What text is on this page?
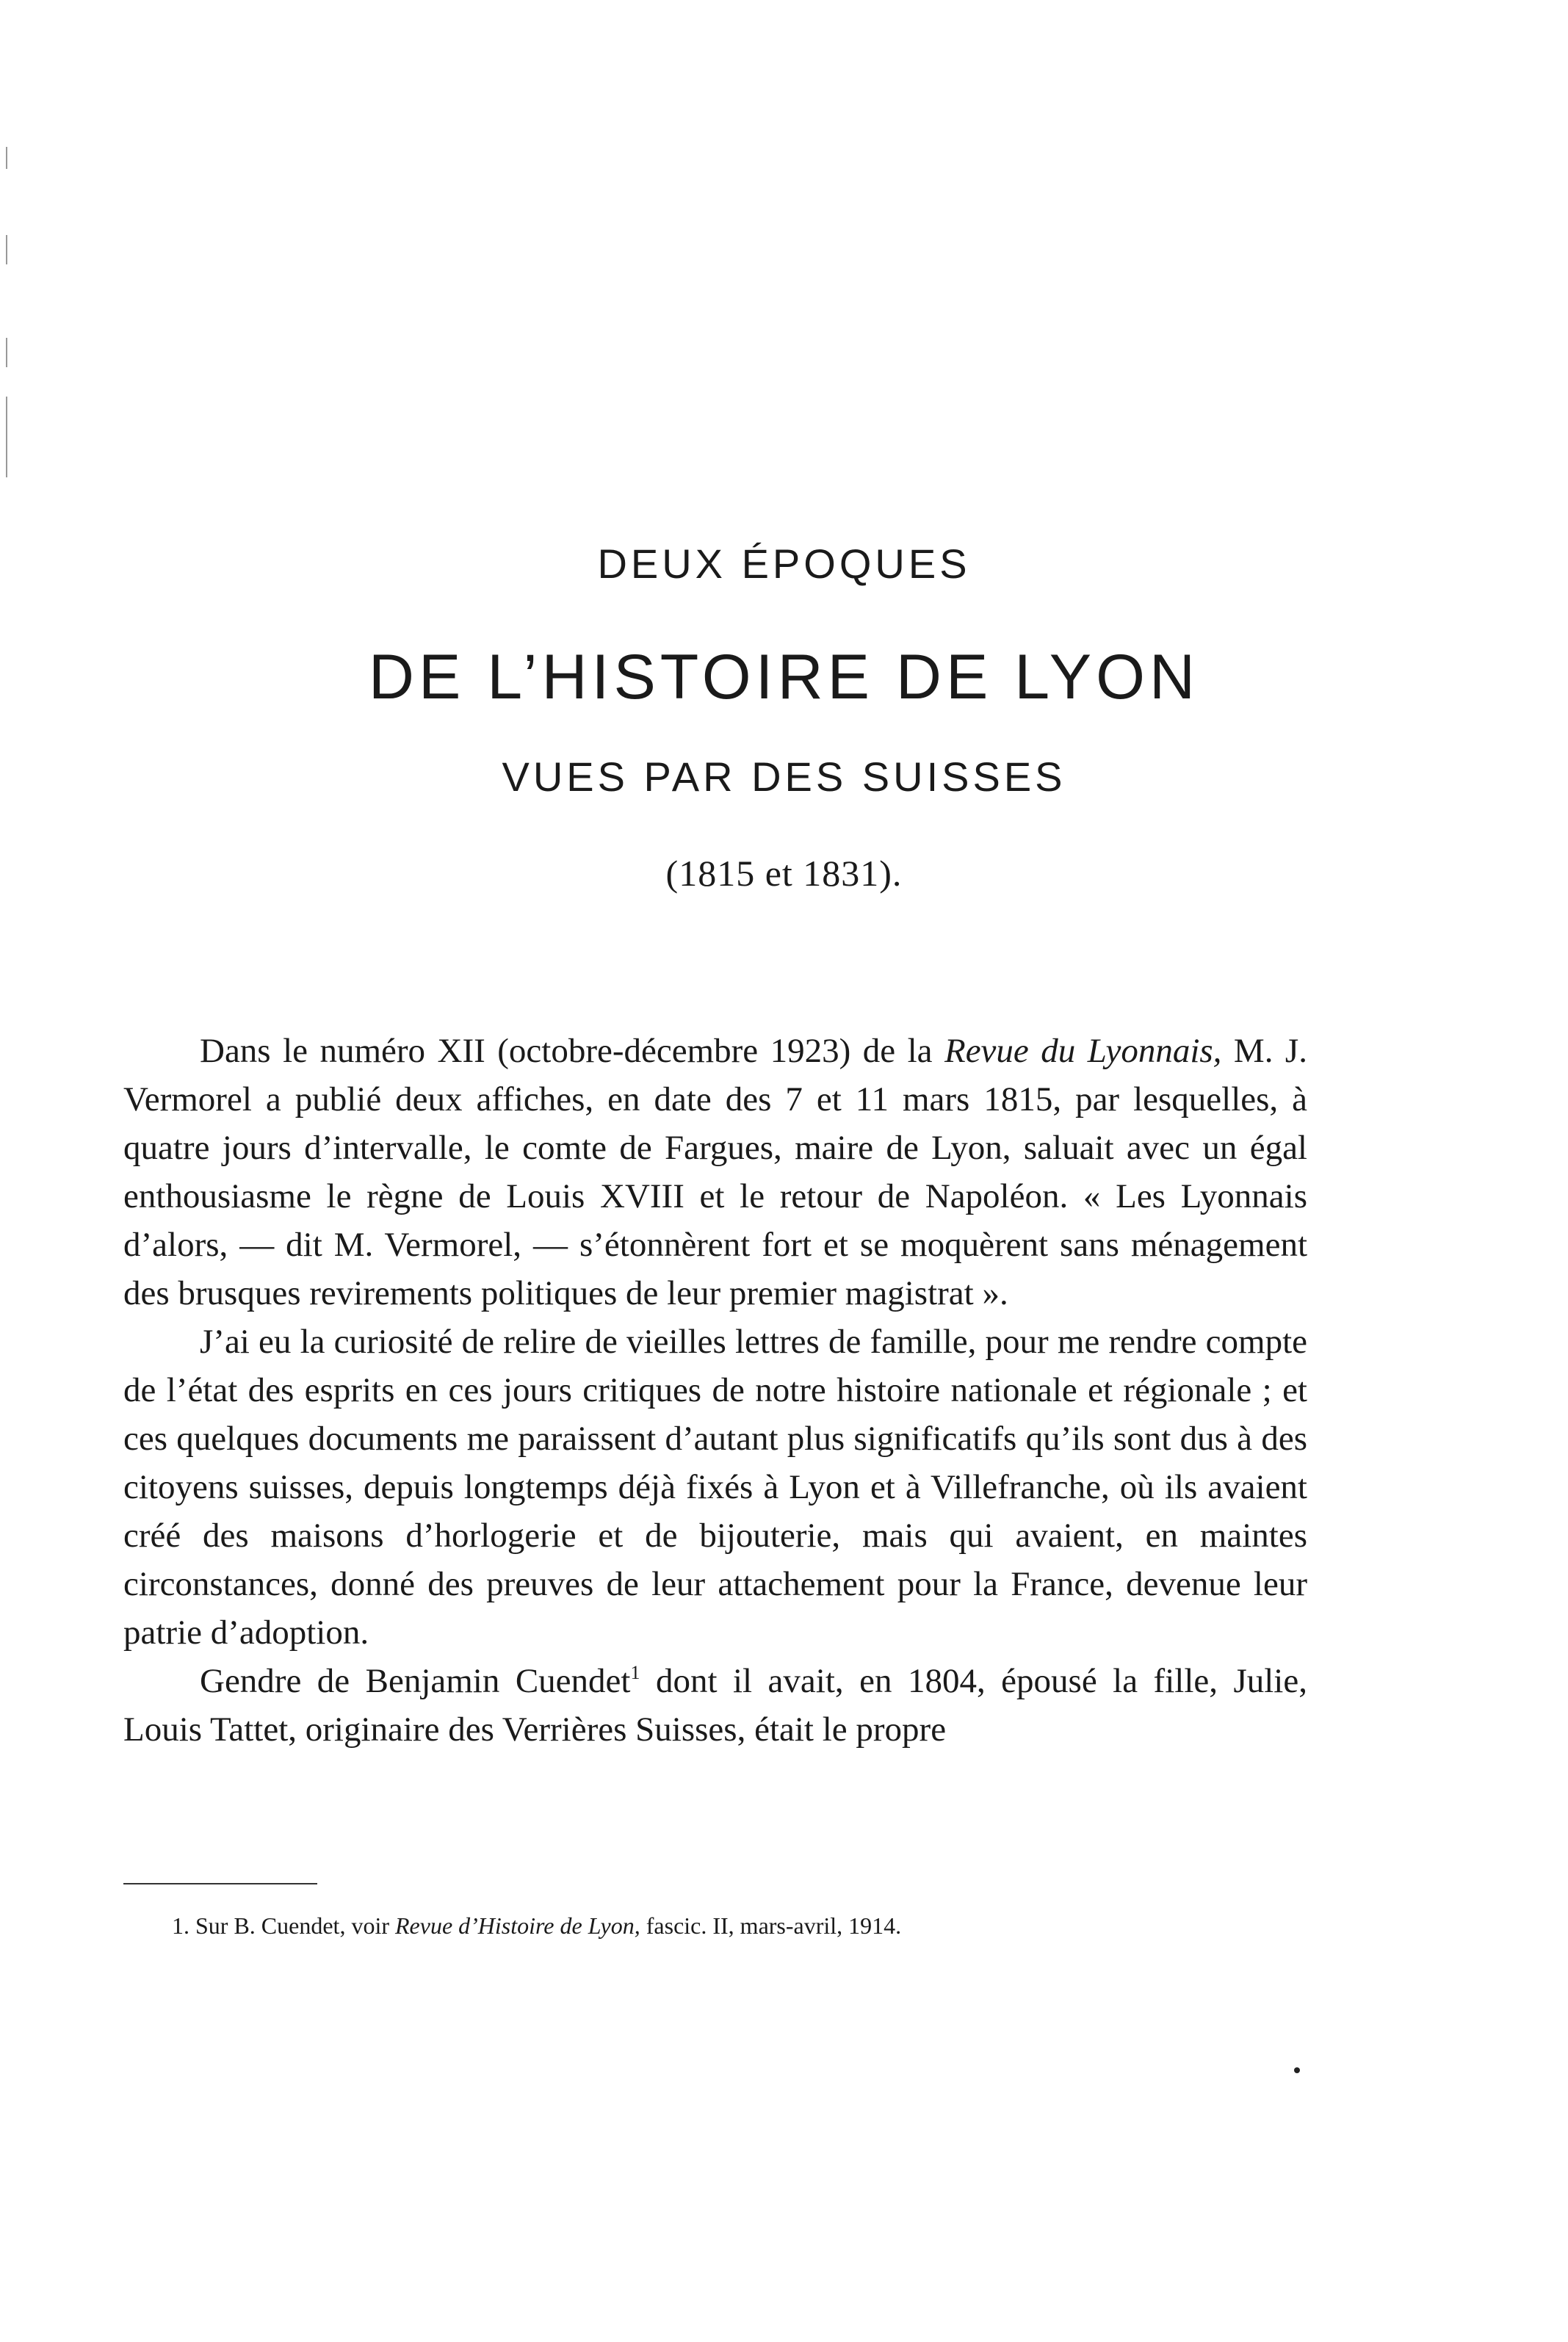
DEUX ÉPOQUES
DE L’HISTOIRE DE LYON
VUES PAR DES SUISSES
(1815 et 1831).

Dans le numéro XII (octobre-décembre 1923) de la Revue du Lyonnais, M. J. Vermorel a publié deux affiches, en date des 7 et 11 mars 1815, par lesquelles, à quatre jours d’intervalle, le comte de Fargues, maire de Lyon, saluait avec un égal enthousiasme le règne de Louis XVIII et le retour de Napoléon. « Les Lyonnais d’alors, — dit M. Vermorel, — s’étonnèrent fort et se moquèrent sans ménagement des brusques revirements politiques de leur premier magistrat ».

J’ai eu la curiosité de relire de vieilles lettres de famille, pour me rendre compte de l’état des esprits en ces jours critiques de notre histoire nationale et régionale ; et ces quelques documents me paraissent d’autant plus significatifs qu’ils sont dus à des citoyens suisses, depuis longtemps déjà fixés à Lyon et à Villefranche, où ils avaient créé des maisons d’horlogerie et de bijouterie, mais qui avaient, en maintes circonstances, donné des preuves de leur attachement pour la France, devenue leur patrie d’adoption.

Gendre de Benjamin Cuendet$^1$ dont il avait, en 1804, épousé la fille, Julie, Louis Tattet, originaire des Verrières Suisses, était le propre

1. Sur B. Cuendet, voir Revue d’Histoire de Lyon, fascic. II, mars-avril, 1914.
